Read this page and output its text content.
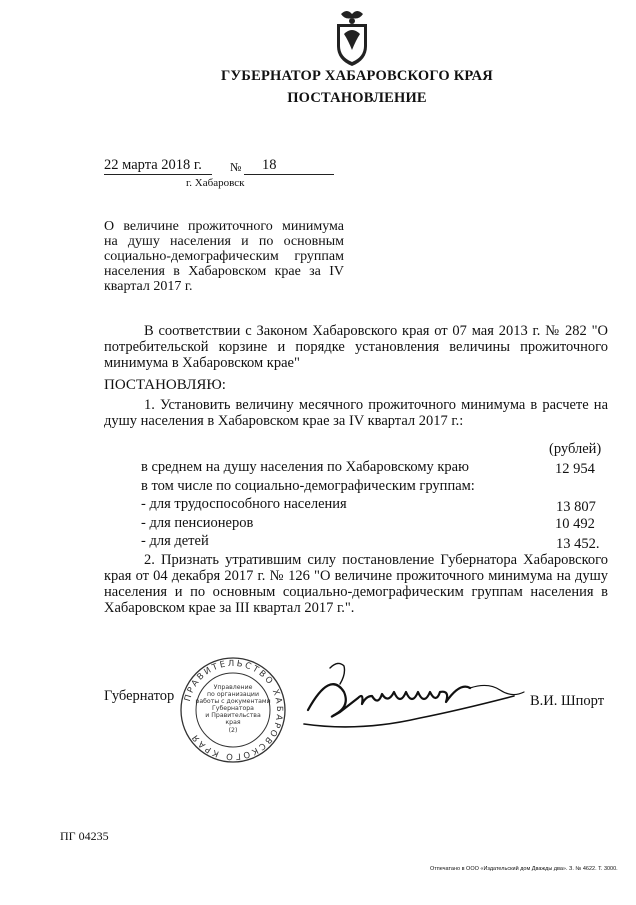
ГУБЕРНАТОР ХАБАРОВСКОГО КРАЯ
ПОСТАНОВЛЕНИЕ
22 марта 2018 г. № 18
г. Хабаровск
О величине прожиточного минимума на душу населения и по основным социально-демографическим группам населения в Хабаровском крае за IV квартал 2017 г.
В соответствии с Законом Хабаровского края от 07 мая 2013 г. № 282 "О потребительской корзине и порядке установления величины прожиточного минимума в Хабаровском крае"
ПОСТАНОВЛЯЮ:
1. Установить величину месячного прожиточного минимума в расчете на душу населения в Хабаровском крае за IV квартал 2017 г.:
(рублей)
в среднем на душу населения по Хабаровскому краю	12 954
в том числе по социально-демографическим группам:
- для трудоспособного населения	13 807
- для пенсионеров	10 492
- для детей	13 452.
2. Признать утратившим силу постановление Губернатора Хабаровского края от 04 декабря 2017 г. № 126 "О величине прожиточного минимума на душу населения и по основным социально-демографическим группам населения в Хабаровском крае за III квартал 2017 г.".
ПРАВИТЕЛЬСТВО ХАБАРОВСКОГО КРАЯ
Управление
по организации
работы с документами
Губернатора
и Правительства
края
(2)
Губернатор	В.И. Шпорт
ПГ 04235
Отпечатано в ООО «Издательский дом Дважды два». З. № 4622. Т. 3000.
